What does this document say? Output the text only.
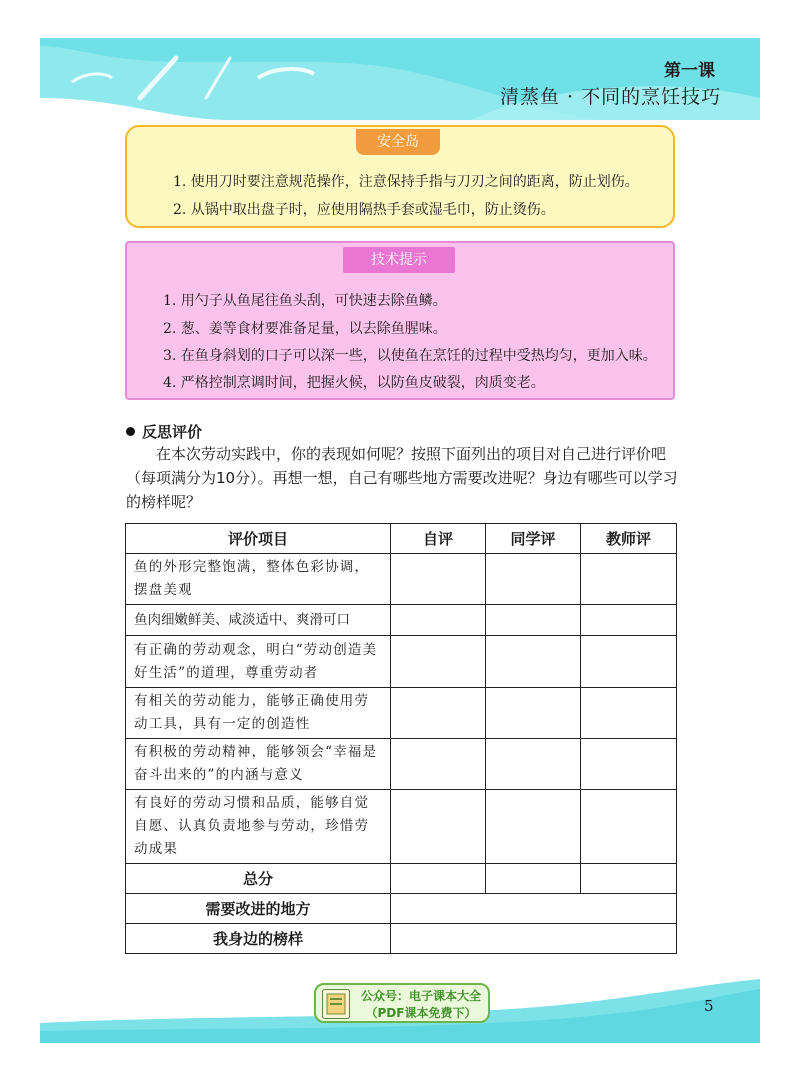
第一课
清蒸鱼 · 不同的烹饪技巧
安全岛
1. 使用刀时要注意规范操作，注意保持手指与刀刃之间的距离，防止划伤。
2. 从锅中取出盘子时，应使用隔热手套或湿毛巾，防止烫伤。
技术提示
1. 用勺子从鱼尾往鱼头刮，可快速去除鱼鳞。
2. 葱、姜等食材要准备足量，以去除鱼腥味。
3. 在鱼身斜划的口子可以深一些，以使鱼在烹饪的过程中受热均匀，更加入味。
4. 严格控制烹调时间，把握火候，以防鱼皮破裂，肉质变老。
反思评价

在本次劳动实践中，你的表现如何呢？按照下面列出的项目对自己进行评价吧（每项满分为10分）。再想一想，自己有哪些地方需要改进呢？身边有哪些可以学习的榜样呢？

评价项目	自评	同学评	教师评
鱼的外形完整饱满，整体色彩协调，摆盘美观			
鱼肉细嫩鲜美、咸淡适中、爽滑可口			
有正确的劳动观念，明白“劳动创造美好生活”的道理，尊重劳动者			
有相关的劳动能力，能够正确使用劳动工具，具有一定的创造性			
有积极的劳动精神，能够领会“幸福是奋斗出来的”的内涵与意义			
有良好的劳动习惯和品质，能够自觉自愿、认真负责地参与劳动，珍惜劳动成果			
总分			
需要改进的地方			
我身边的榜样			
5
公众号：电子课本大全
（PDF课本免费下）
